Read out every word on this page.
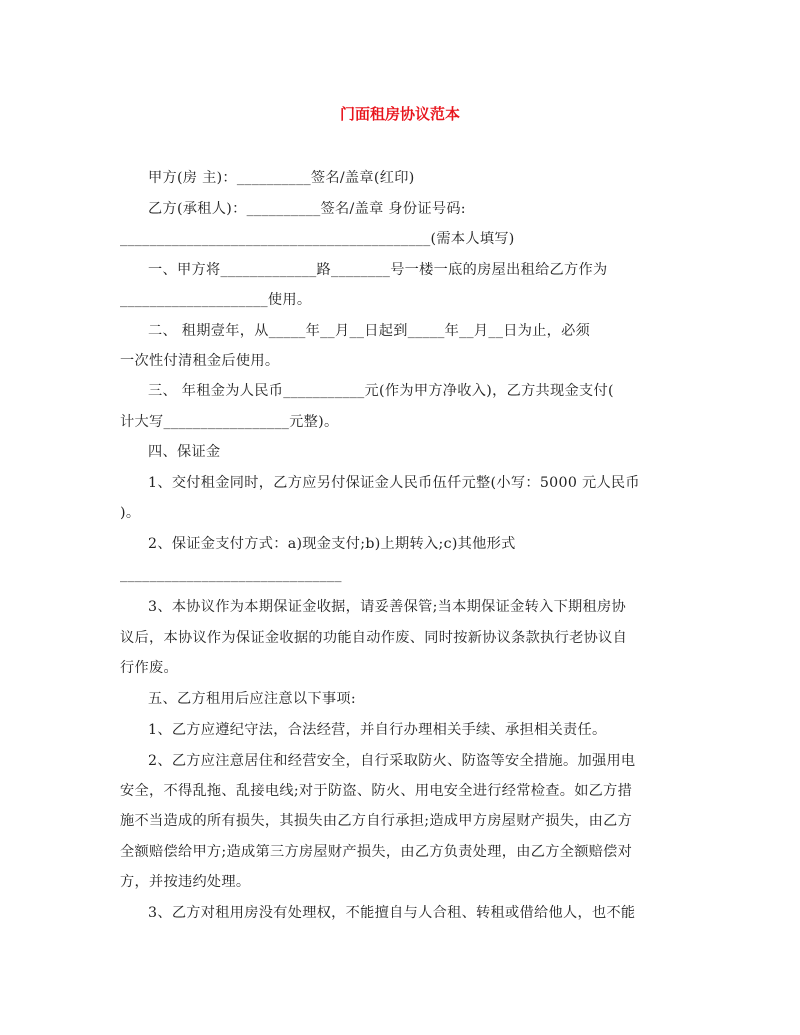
门面租房协议范本
甲方(房 主)：__________签名/盖章(红印)
乙方(承租人)：__________签名/盖章 身份证号码:
__________________________________________(需本人填写)
一、甲方将_____________路________号一楼一底的房屋出租给乙方作为
____________________使用。
二、 租期壹年，从_____年__月__日起到_____年__月__日为止，必须
一次性付清租金后使用。
三、 年租金为人民币___________元(作为甲方净收入)，乙方共现金支付(
计大写_________________元整)。
四、保证金
1、交付租金同时，乙方应另付保证金人民币伍仟元整(小写：5000 元人民币
)。
2、保证金支付方式：a)现金支付;b)上期转入;c)其他形式
______________________________
3、本协议作为本期保证金收据，请妥善保管;当本期保证金转入下期租房协
议后，本协议作为保证金收据的功能自动作废、同时按新协议条款执行老协议自
行作废。
五、乙方租用后应注意以下事项:
1、乙方应遵纪守法，合法经营，并自行办理相关手续、承担相关责任。
2、乙方应注意居住和经营安全，自行采取防火、防盗等安全措施。加强用电
安全，不得乱拖、乱接电线;对于防盗、防火、用电安全进行经常检查。如乙方措
施不当造成的所有损失，其损失由乙方自行承担;造成甲方房屋财产损失，由乙方
全额赔偿给甲方;造成第三方房屋财产损失，由乙方负责处理，由乙方全额赔偿对
方，并按违约处理。
3、乙方对租用房没有处理权，不能擅自与人合租、转租或借给他人，也不能
